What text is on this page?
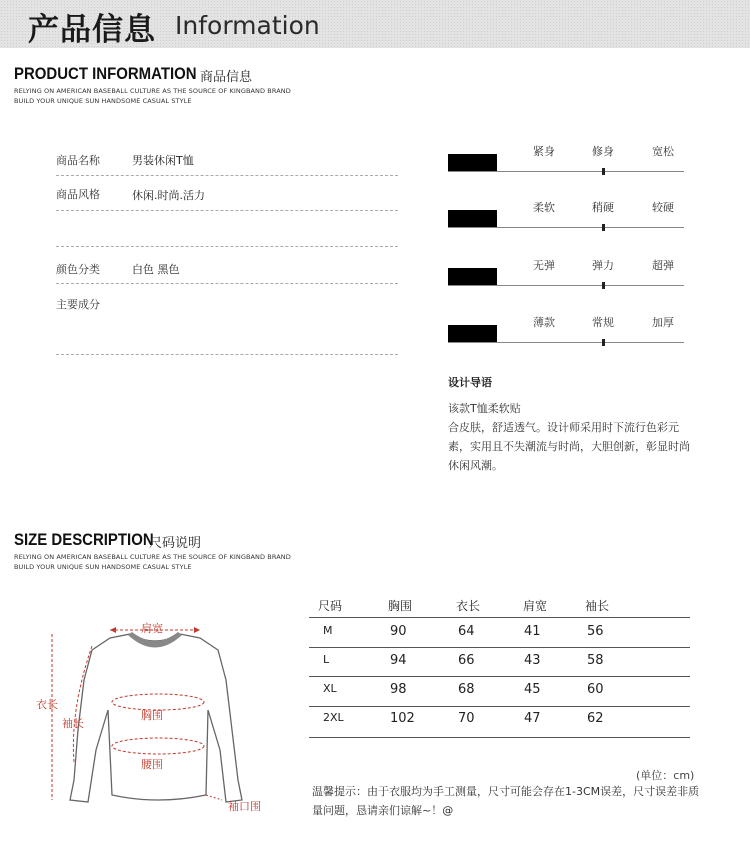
产品信息 Information
PRODUCT INFORMATION 商品信息
RELYING ON AMERICAN BASEBALL CULTURE AS THE SOURCE OF KINGBAND BRAND
BUILD YOUR UNIQUE SUN HANDSOME CASUAL STYLE
商品名称	男装休闲T恤
商品风格	休闲.时尚.活力
颜色分类	白色 黑色
主要成分
紧身	修身	宽松
柔软	稍硬	较硬
无弹	弹力	超弹
薄款	常规	加厚
设计导语
该款T恤柔软贴
合皮肤，舒适透气。设计师采用时下流行色彩元素，实用且不失潮流与时尚，大胆创新，彰显时尚休闲风潮。
SIZE DESCRIPTION
尺码说明
RELYING ON AMERICAN BASEBALL CULTURE AS THE SOURCE OF KINGBAND BRAND
BUILD YOUR UNIQUE SUN HANDSOME CASUAL STYLE
肩宽
胸围
衣长
袖长
腰围
袖口围
尺码	胸围	衣长	肩宽	袖长
M	90	64	41	56
L	94	66	43	58
XL	98	68	45	60
2XL	102	70	47	62
(单位：cm)
温馨提示：由于衣服均为手工测量，尺寸可能会存在1-3CM误差，尺寸误差非质量问题，恳请亲们谅解~！@
